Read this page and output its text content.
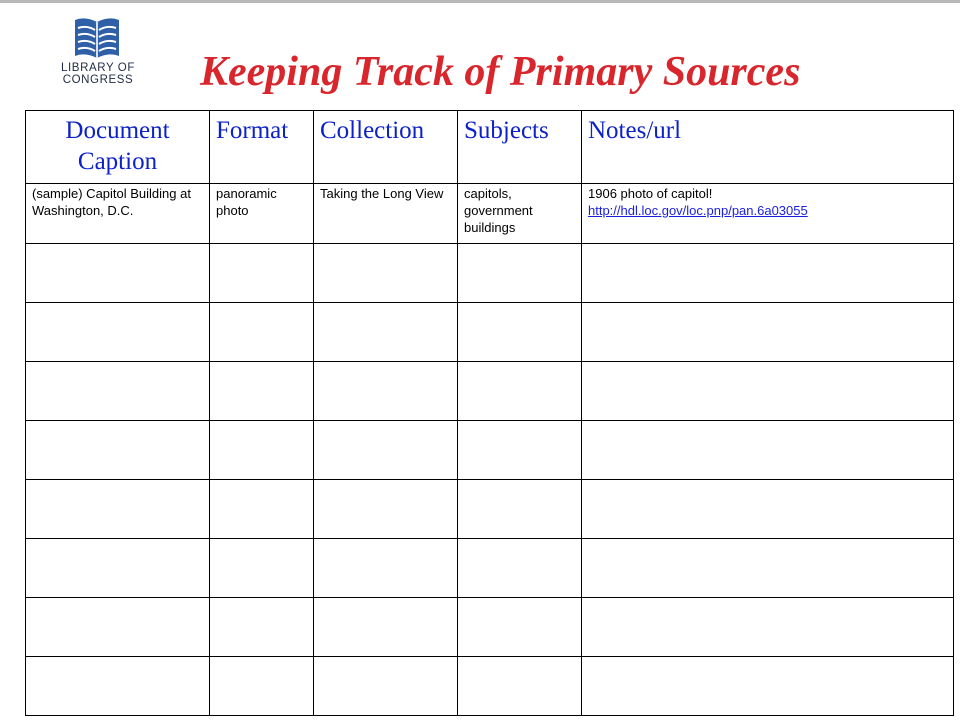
LIBRARY OF
CONGRESS	Keeping Track of Primary Sources
Document
Caption	Format	Collection	Subjects	Notes/url
(sample) Capitol Building at Washington, D.C.	panoramic photo	Taking the Long View	capitols, government buildings	1906 photo of capitol!
http://hdl.loc.gov/loc.pnp/pan.6a03055
